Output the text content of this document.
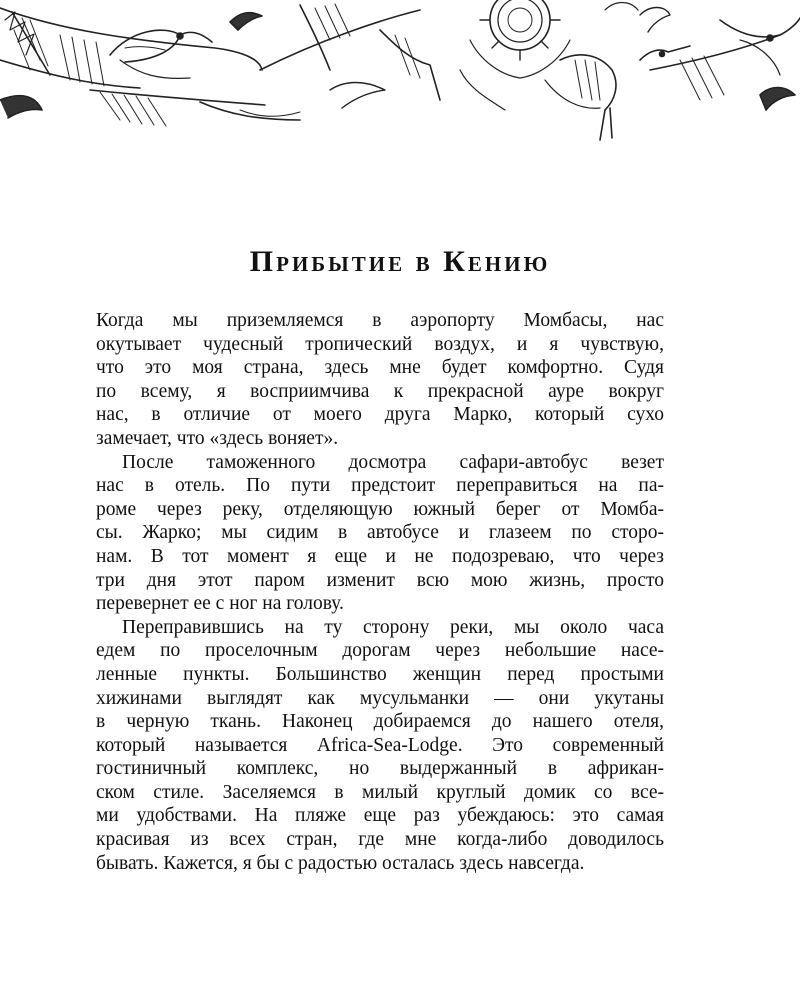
Прибытие в Кению
Когда мы приземляемся в аэропорту Момбасы, нас
окутывает чудесный тропический воздух, и я чувствую,
что это моя страна, здесь мне будет комфортно. Судя
по всему, я восприимчива к прекрасной ауре вокруг
нас, в отличие от моего друга Марко, который сухо
замечает, что «здесь воняет».
После таможенного досмотра сафари-автобус везет
нас в отель. По пути предстоит переправиться на па-
роме через реку, отделяющую южный берег от Момба-
сы. Жарко; мы сидим в автобусе и глазеем по сторо-
нам. В тот момент я еще и не подозреваю, что через
три дня этот паром изменит всю мою жизнь, просто
перевернет ее с ног на голову.
Переправившись на ту сторону реки, мы около часа
едем по проселочным дорогам через небольшие насе-
ленные пункты. Большинство женщин перед простыми
хижинами выглядят как мусульманки — они укутаны
в черную ткань. Наконец добираемся до нашего отеля,
который называется Africa-Sea-Lodge. Это современный
гостиничный комплекс, но выдержанный в африкан-
ском стиле. Заселяемся в милый круглый домик со все-
ми удобствами. На пляже еще раз убеждаюсь: это самая
красивая из всех стран, где мне когда-либо доводилось
бывать. Кажется, я бы с радостью осталась здесь навсегда.
